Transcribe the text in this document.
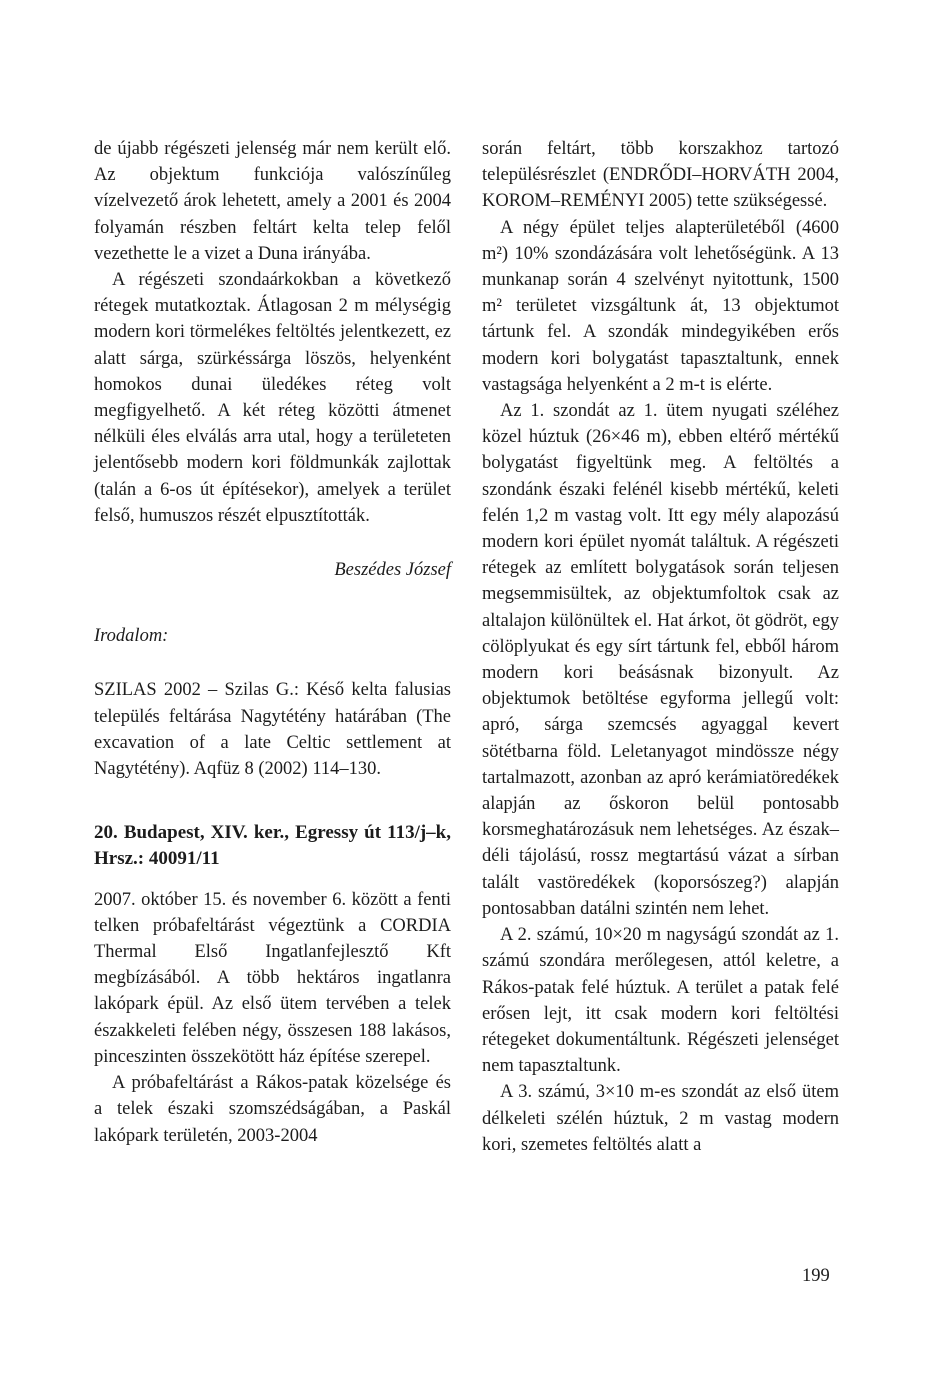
de újabb régészeti jelenség már nem került elő. Az objektum funkciója valószínűleg vízelvezető árok lehetett, amely a 2001 és 2004 folyamán részben feltárt kelta telep felől vezethette le a vizet a Duna irányába.

A régészeti szondaárkokban a következő rétegek mutatkoztak. Átlagosan 2 m mélységig modern kori törmelékes feltöltés jelentkezett, ez alatt sárga, szürkéssárga löszös, helyenként homokos dunai üledékes réteg volt megfigyelhető. A két réteg közötti átmenet nélküli éles elválás arra utal, hogy a területeten jelentősebb modern kori földmunkák zajlottak (talán a 6-os út építésekor), amelyek a terület felső, humuszos részét elpusztították.

Beszédes József

Irodalom:

SZILAS 2002 – Szilas G.: Késő kelta falusias település feltárása Nagytétény határában (The excavation of a late Celtic settlement at Nagytétény). Aqfüz 8 (2002) 114–130.

20. Budapest, XIV. ker., Egressy út 113/j–k, Hrsz.: 40091/11

2007. október 15. és november 6. között a fenti telken próbafeltárást végeztünk a CORDIA Thermal Első Ingatlanfejlesztő Kft megbízásából. A több hektáros ingatlanra lakópark épül. Az első ütem tervében a telek északkeleti felében négy, összesen 188 lakásos, pinceszinten összekötött ház építése szerepel.

A próbafeltárást a Rákos-patak közelsége és a telek északi szomszédságában, a Paskál lakópark területén, 2003-2004

során feltárt, több korszakhoz tartozó településrészlet (ENDRŐDI–HORVÁTH 2004, KOROM–REMÉNYI 2005) tette szükségessé.

A négy épület teljes alapterületéből (4600 m²) 10% szondázására volt lehetőségünk. A 13 munkanap során 4 szelvényt nyitottunk, 1500 m² területet vizsgáltunk át, 13 objektumot tártunk fel. A szondák mindegyikében erős modern kori bolygatást tapasztaltunk, ennek vastagsága helyenként a 2 m-t is elérte.

Az 1. szondát az 1. ütem nyugati széléhez közel húztuk (26×46 m), ebben eltérő mértékű bolygatást figyeltünk meg. A feltöltés a szondánk északi felénél kisebb mértékű, keleti felén 1,2 m vastag volt. Itt egy mély alapozású modern kori épület nyomát találtuk. A régészeti rétegek az említett bolygatások során teljesen megsemmisültek, az objektumfoltok csak az altalajon különültek el. Hat árkot, öt gödröt, egy cölöplyukat és egy sírt tártunk fel, ebből három modern kori beásásnak bizonyult. Az objektumok betöltése egyforma jellegű volt: apró, sárga szemcsés agyaggal kevert sötétbarna föld. Leletanyagot mindössze négy tartalmazott, azonban az apró kerámiatöredékek alapján az őskoron belül pontosabb korsmeghatározásuk nem lehetséges. Az észak–déli tájolású, rossz megtartású vázat a sírban talált vastöredékek (koporsószeg?) alapján pontosabban datálni szintén nem lehet.

A 2. számú, 10×20 m nagyságú szondát az 1. számú szondára merőlegesen, attól keletre, a Rákos-patak felé húztuk. A terület a patak felé erősen lejt, itt csak modern kori feltöltési rétegeket dokumentáltunk. Régészeti jelenséget nem tapasztaltunk.

A 3. számú, 3×10 m-es szondát az első ütem délkeleti szélén húztuk, 2 m vastag modern kori, szemetes feltöltés alatt a

199
